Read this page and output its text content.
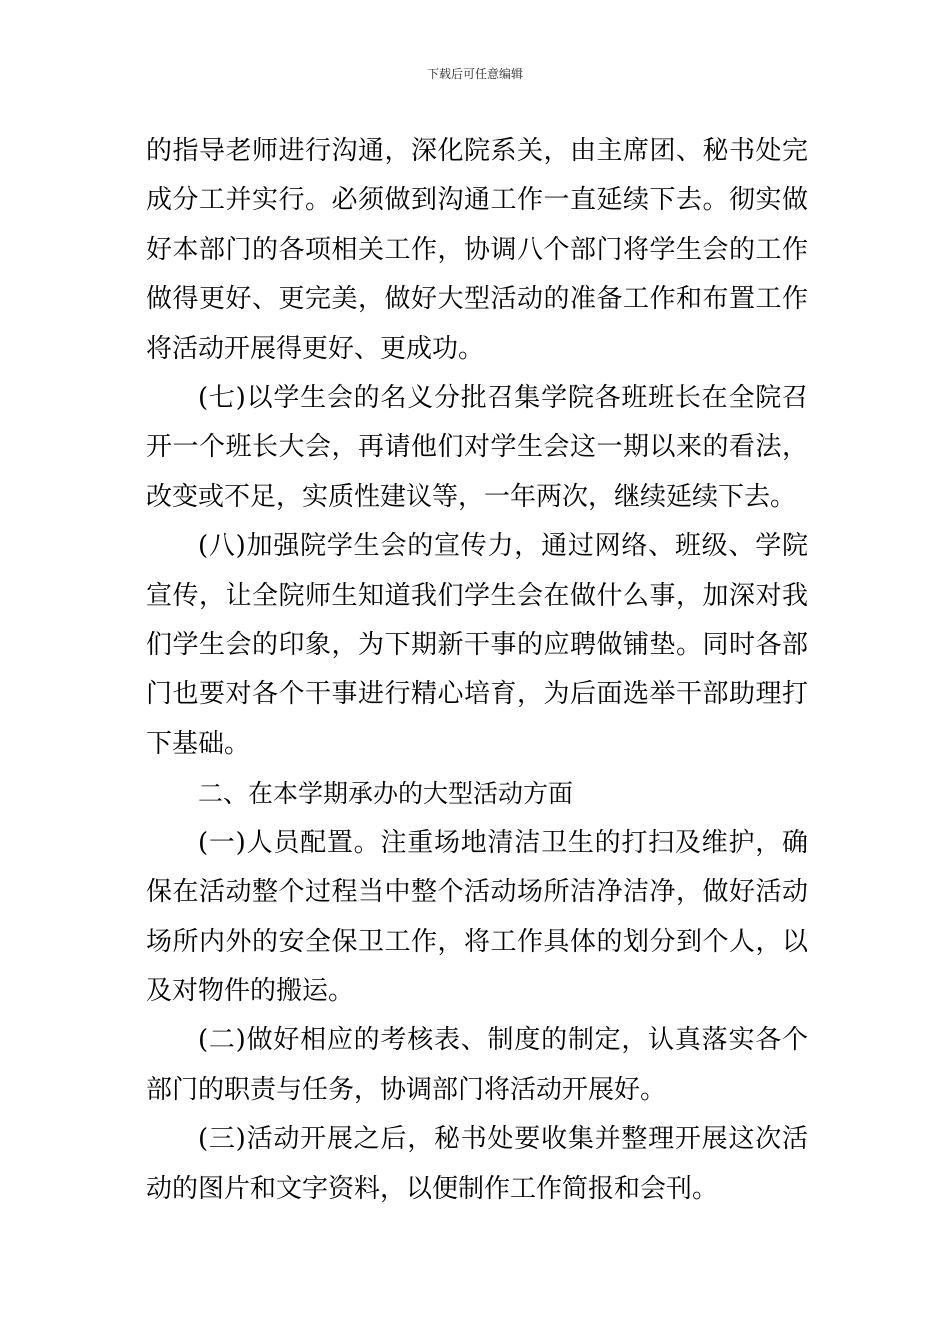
下载后可任意编辑

的指导老师进行沟通，深化院系关，由主席团、秘书处完成分工并实行。必须做到沟通工作一直延续下去。彻实做好本部门的各项相关工作，协调八个部门将学生会的工作做得更好、更完美，做好大型活动的准备工作和布置工作将活动开展得更好、更成功。

(七)以学生会的名义分批召集学院各班班长在全院召开一个班长大会，再请他们对学生会这一期以来的看法，改变或不足，实质性建议等，一年两次，继续延续下去。

(八)加强院学生会的宣传力，通过网络、班级、学院宣传，让全院师生知道我们学生会在做什么事，加深对我们学生会的印象，为下期新干事的应聘做铺垫。同时各部门也要对各个干事进行精心培育，为后面选举干部助理打下基础。

二、在本学期承办的大型活动方面

(一)人员配置。注重场地清洁卫生的打扫及维护，确保在活动整个过程当中整个活动场所洁净洁净，做好活动场所内外的安全保卫工作，将工作具体的划分到个人，以及对物件的搬运。

(二)做好相应的考核表、制度的制定，认真落实各个部门的职责与任务，协调部门将活动开展好。

(三)活动开展之后，秘书处要收集并整理开展这次活动的图片和文字资料，以便制作工作简报和会刊。
